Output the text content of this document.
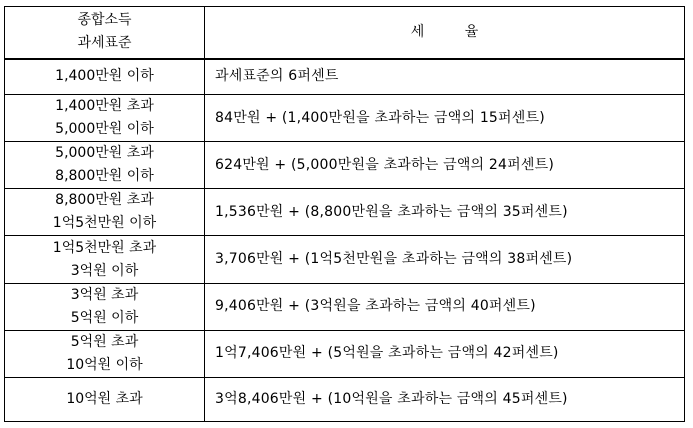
종합소득
과세표준	세 율

1,400만원 이하	과세표준의 6퍼센트

1,400만원 초과
5,000만원 이하	84만원 + (1,400만원을 초과하는 금액의 15퍼센트)

5,000만원 초과
8,800만원 이하	624만원 + (5,000만원을 초과하는 금액의 24퍼센트)

8,800만원 초과
1억5천만원 이하	1,536만원 + (8,800만원을 초과하는 금액의 35퍼센트)

1억5천만원 초과
3억원 이하	3,706만원 + (1억5천만원을 초과하는 금액의 38퍼센트)

3억원 초과
5억원 이하	9,406만원 + (3억원을 초과하는 금액의 40퍼센트)

5억원 초과
10억원 이하	1억7,406만원 + (5억원을 초과하는 금액의 42퍼센트)

10억원 초과	3억8,406만원 + (10억원을 초과하는 금액의 45퍼센트)
